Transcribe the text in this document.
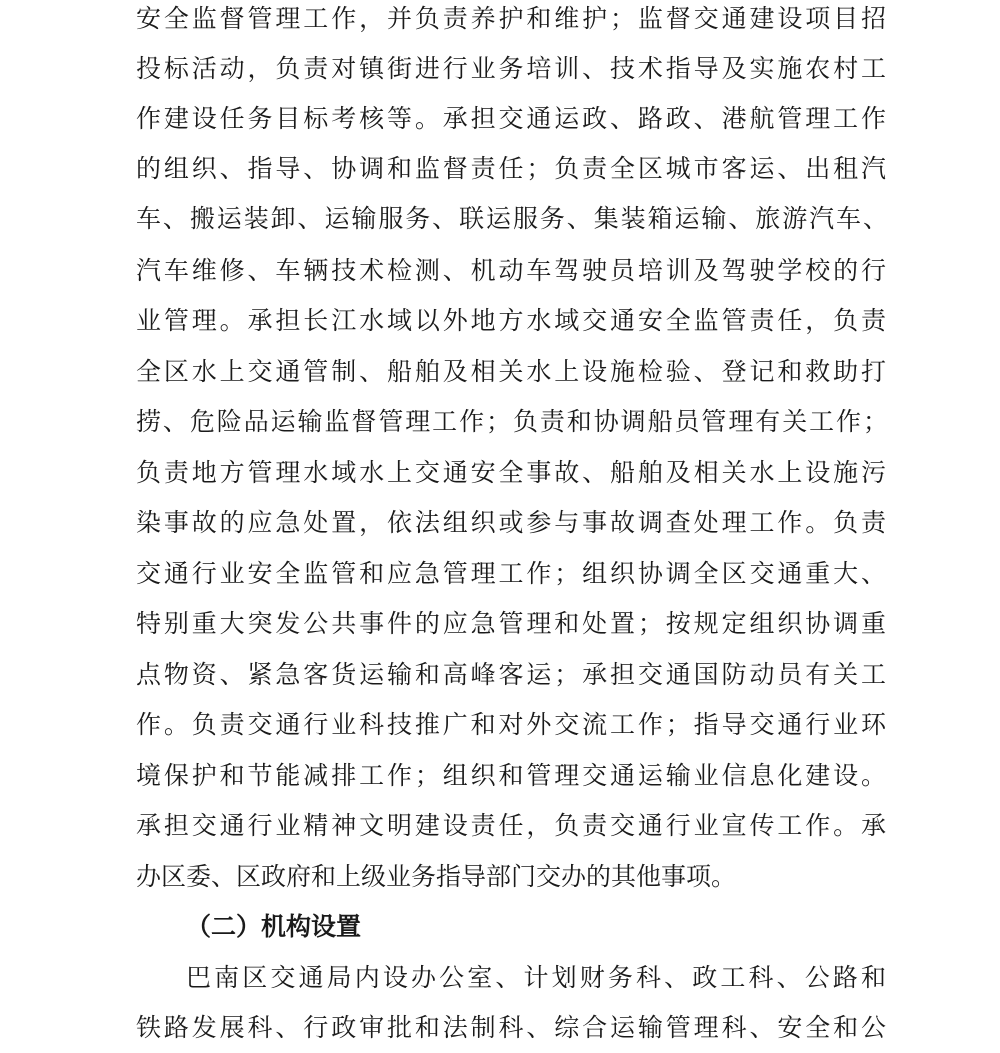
安全监督管理工作，并负责养护和维护；监督交通建设项目招
投标活动，负责对镇街进行业务培训、技术指导及实施农村工
作建设任务目标考核等。承担交通运政、路政、港航管理工作
的组织、指导、协调和监督责任；负责全区城市客运、出租汽
车、搬运装卸、运输服务、联运服务、集装箱运输、旅游汽车、
汽车维修、车辆技术检测、机动车驾驶员培训及驾驶学校的行
业管理。承担长江水域以外地方水域交通安全监管责任，负责
全区水上交通管制、船舶及相关水上设施检验、登记和救助打
捞、危险品运输监督管理工作；负责和协调船员管理有关工作；
负责地方管理水域水上交通安全事故、船舶及相关水上设施污
染事故的应急处置，依法组织或参与事故调查处理工作。负责
交通行业安全监管和应急管理工作；组织协调全区交通重大、
特别重大突发公共事件的应急管理和处置；按规定组织协调重
点物资、紧急客货运输和高峰客运；承担交通国防动员有关工
作。负责交通行业科技推广和对外交流工作；指导交通行业环
境保护和节能减排工作；组织和管理交通运输业信息化建设。
承担交通行业精神文明建设责任，负责交通行业宣传工作。承
办区委、区政府和上级业务指导部门交办的其他事项。
（二）机构设置
巴南区交通局内设办公室、计划财务科、政工科、公路和
铁路发展科、行政审批和法制科、综合运输管理科、安全和公
